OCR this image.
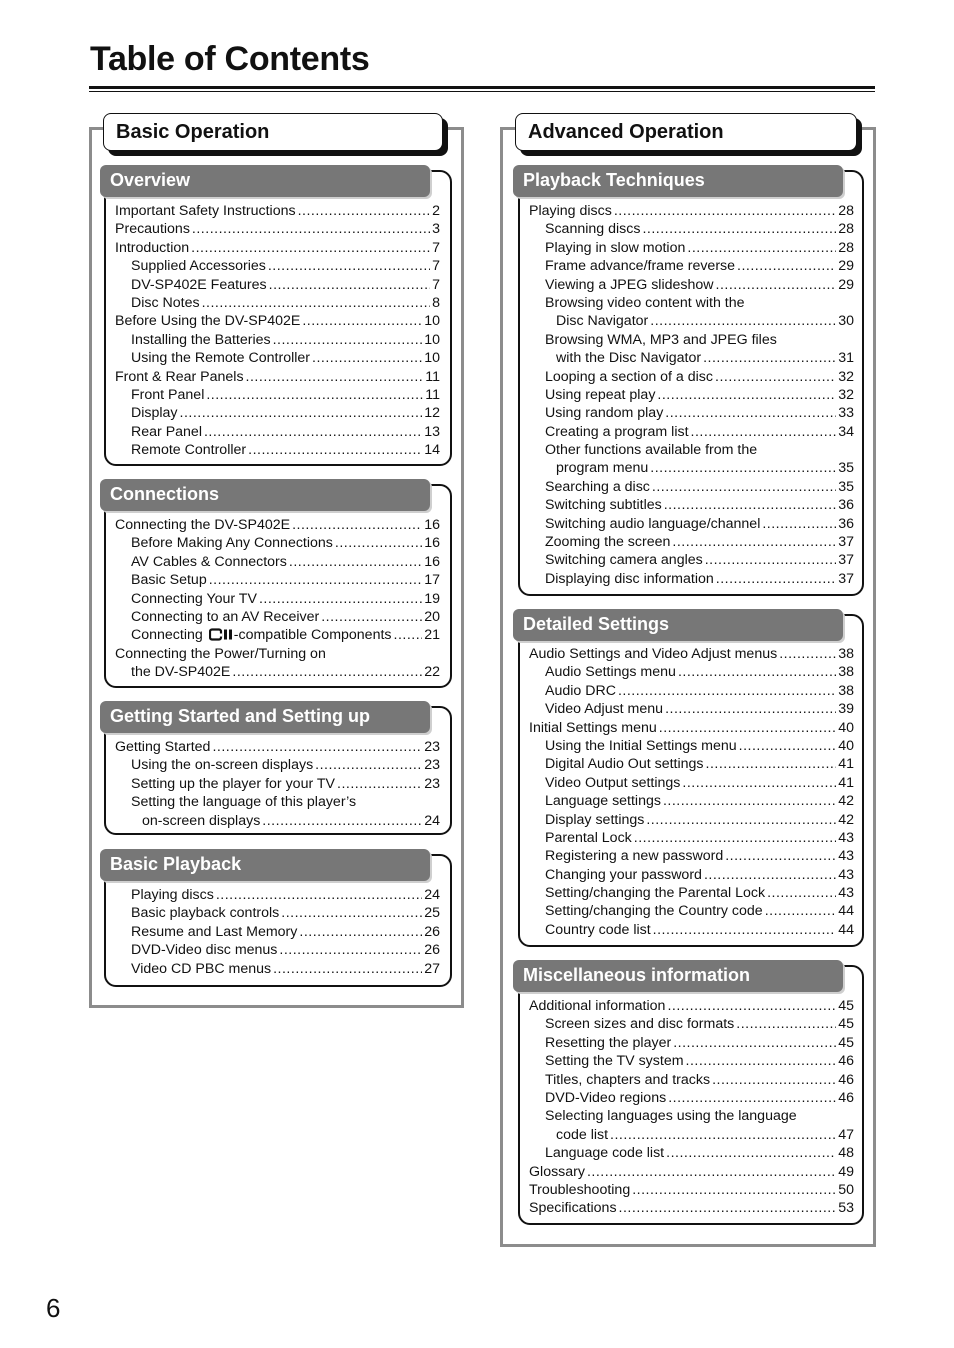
Table of Contents
Basic Operation
Overview
Important Safety Instructions .....	2
Precautions .....	3
Introduction .....	7
Supplied Accessories .....	7
DV-SP402E Features .....	7
Disc Notes .....	8
Before Using the DV-SP402E .....	10
Installing the Batteries .....	10
Using the Remote Controller .....	10
Front & Rear Panels .....	11
Front Panel .....	11
Display .....	12
Rear Panel .....	13
Remote Controller .....	14
Connections
Connecting the DV-SP402E .....	16
Before Making Any Connections .....	16
AV Cables & Connectors .....	16
Basic Setup .....	17
Connecting Your TV .....	19
Connecting to an AV Receiver .....	20
Connecting -compatible Components ..... 21
Connecting the Power/Turning on
the DV-SP402E .....	22
Getting Started and Setting up
Getting Started .....	23
Using the on-screen displays .....	23
Setting up the player for your TV .....	23
Setting the language of this player’s
on-screen displays .....	24
Basic Playback
Playing discs .....	24
Basic playback controls .....	25
Resume and Last Memory .....	26
DVD-Video disc menus .....	26
Video CD PBC menus .....	27
Advanced Operation
Playback Techniques
Playing discs .....	28
Scanning discs .....	28
Playing in slow motion .....	28
Frame advance/frame reverse .....	29
Viewing a JPEG slideshow .....	29
Browsing video content with the
Disc Navigator .....	30
Browsing WMA, MP3 and JPEG files
with the Disc Navigator .....	31
Looping a section of a disc .....	32
Using repeat play .....	32
Using random play .....	33
Creating a program list .....	34
Other functions available from the
program menu .....	35
Searching a disc .....	35
Switching subtitles .....	36
Switching audio language/channel .....	36
Zooming the screen .....	37
Switching camera angles .....	37
Displaying disc information .....	37
Detailed Settings
Audio Settings and Video Adjust menus .....	38
Audio Settings menu .....	38
Audio DRC .....	38
Video Adjust menu .....	39
Initial Settings menu .....	40
Using the Initial Settings menu .....	40
Digital Audio Out settings .....	41
Video Output settings .....	41
Language settings .....	42
Display settings .....	42
Parental Lock .....	43
Registering a new password .....	43
Changing your password .....	43
Setting/changing the Parental Lock .....	43
Setting/changing the Country code .....	44
Country code list .....	44
Miscellaneous information
Additional information .....	45
Screen sizes and disc formats .....	45
Resetting the player .....	45
Setting the TV system .....	46
Titles, chapters and tracks .....	46
DVD-Video regions .....	46
Selecting languages using the language
code list .....	47
Language code list .....	48
Glossary .....	49
Troubleshooting .....	50
Specifications .....	53
6
